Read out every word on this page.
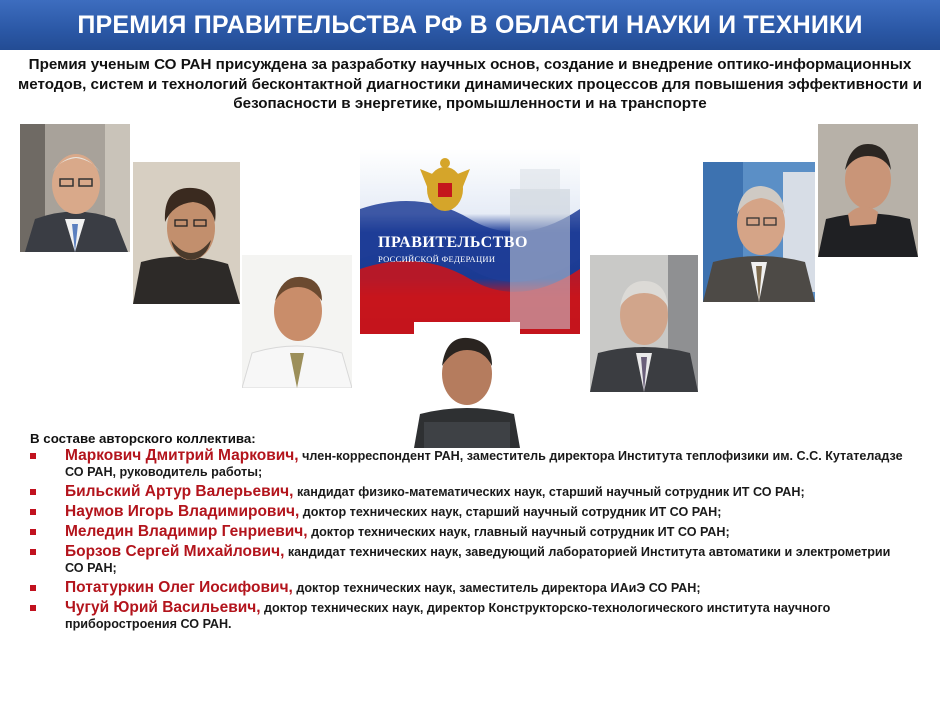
ПРЕМИЯ ПРАВИТЕЛЬСТВА РФ В ОБЛАСТИ НАУКИ И ТЕХНИКИ
Премия ученым СО РАН присуждена за разработку научных основ, создание и внедрение оптико-информационных методов, систем и технологий бесконтактной диагностики динамических процессов для повышения эффективности и безопасности в энергетике, промышленности и на транспорте
ПРАВИТЕЛЬСТВО
РОССИЙСКОЙ ФЕДЕРАЦИИ
В составе авторского коллектива:
Маркович Дмитрий Маркович, член-корреспондент РАН, заместитель директора Института теплофизики им. С.С. Кутателадзе СО РАН, руководитель работы;
Бильский Артур Валерьевич, кандидат физико-математических наук, старший научный сотрудник ИТ СО РАН;
Наумов Игорь Владимирович, доктор технических наук, старший научный сотрудник ИТ СО РАН;
Меледин Владимир Генриевич, доктор технических наук, главный научный сотрудник ИТ СО РАН;
Борзов Сергей Михайлович, кандидат технических наук, заведующий лабораторией Института автоматики и электрометрии СО РАН;
Потатуркин Олег Иосифович, доктор технических наук, заместитель директора ИАиЭ СО РАН;
Чугуй Юрий Васильевич, доктор технических наук, директор Конструкторско-технологического института научного приборостроения СО РАН.
